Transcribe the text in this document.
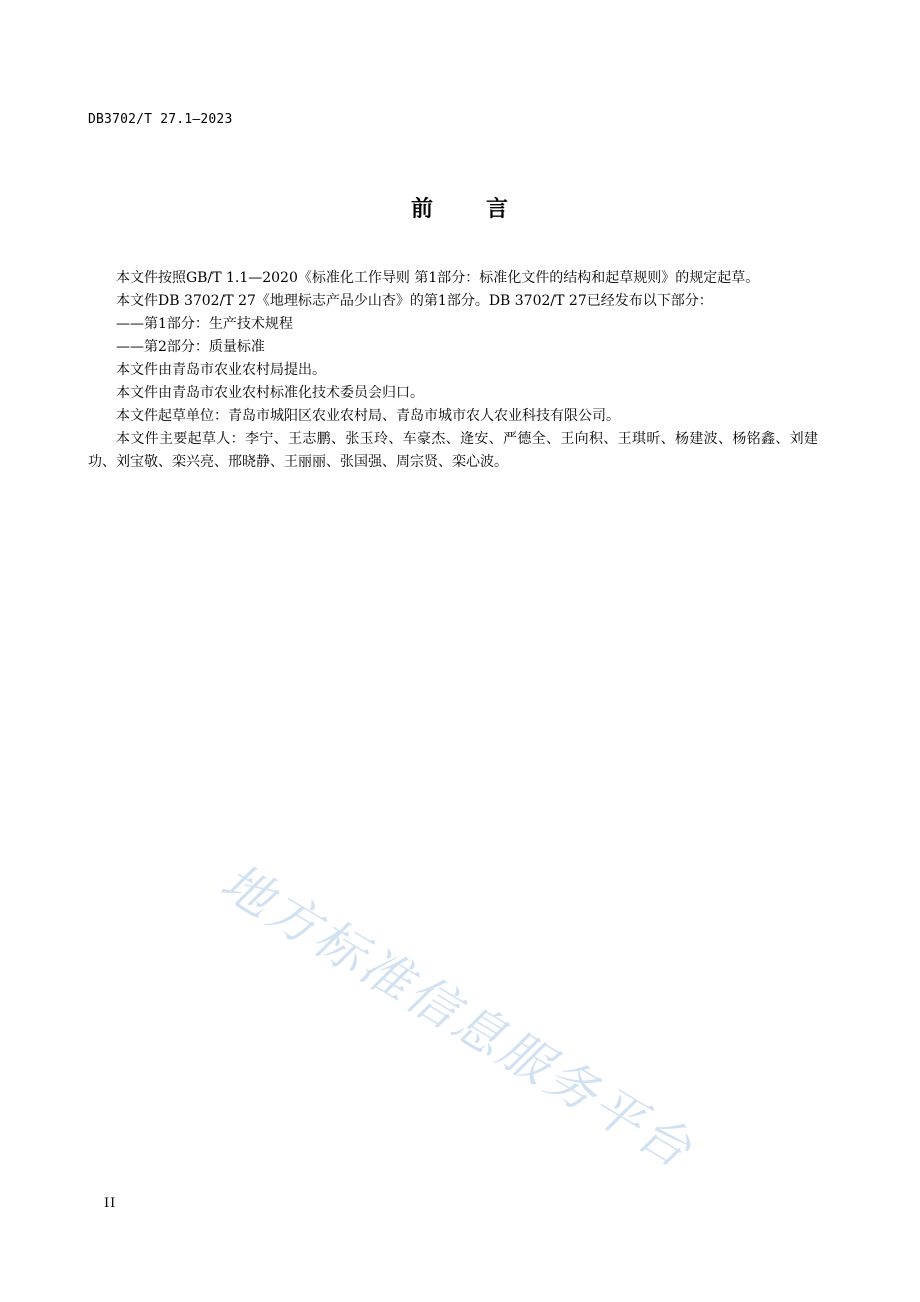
DB3702/T 27.1—2023
前 言

本文件按照GB/T 1.1—2020《标准化工作导则 第1部分：标准化文件的结构和起草规则》的规定起草。

本文件DB 3702/T 27《地理标志产品少山杏》的第1部分。DB 3702/T 27已经发布以下部分：

——第1部分：生产技术规程

——第2部分：质量标准

本文件由青岛市农业农村局提出。

本文件由青岛市农业农村标准化技术委员会归口。

本文件起草单位：青岛市城阳区农业农村局、青岛市城市农人农业科技有限公司。

本文件主要起草人：李宁、王志鹏、张玉玲、车豪杰、逄安、严德全、王向积、王琪昕、杨建波、杨铭鑫、刘建功、刘宝敬、栾兴亮、邢晓静、王丽丽、张国强、周宗贤、栾心波。

地方标准信息服务平台
II
